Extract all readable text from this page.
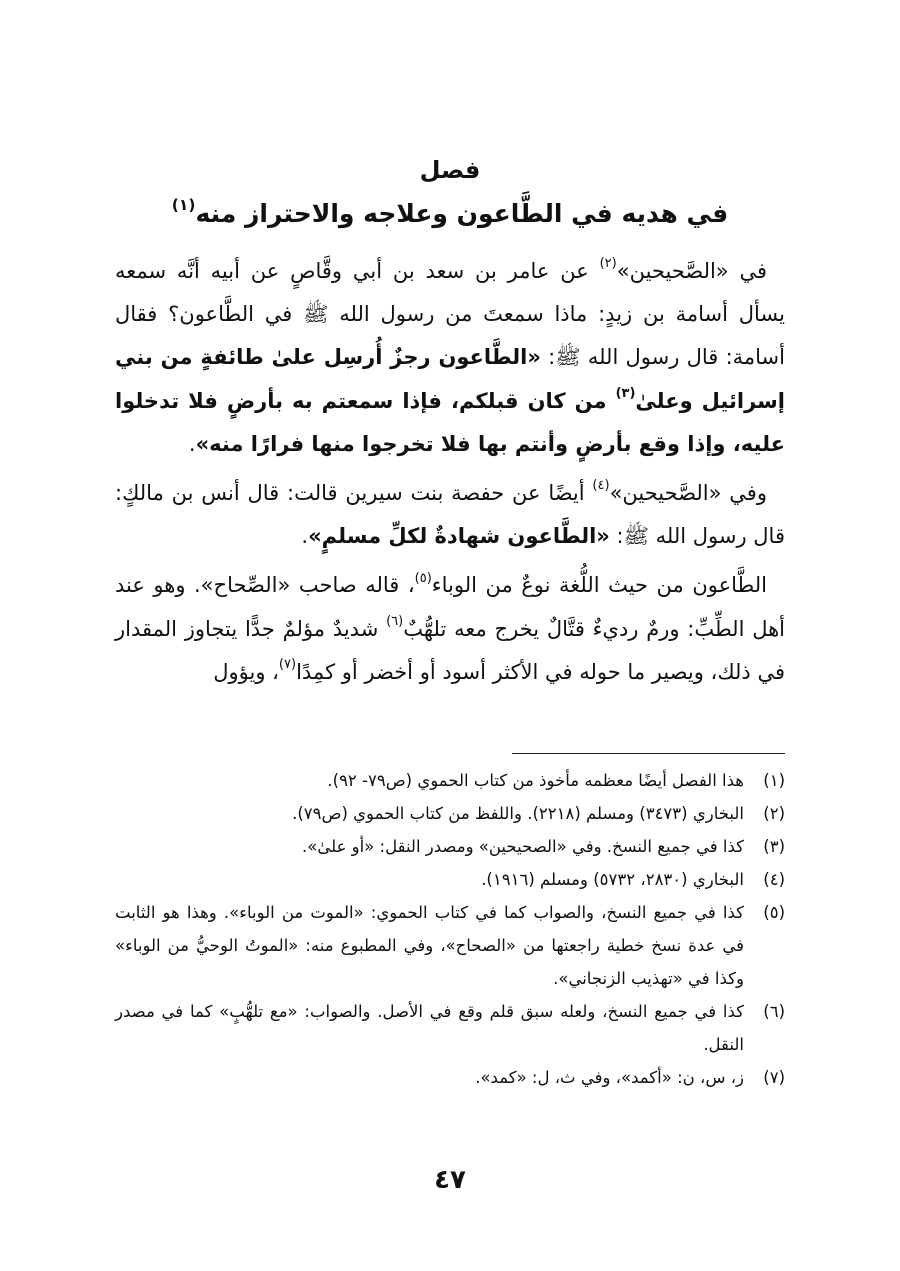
فصل
في هديه في الطَّاعون وعلاجه والاحتراز منه$^{(١)}$

في «الصَّحيحين»$^{(٢)}$ عن عامر بن سعد بن أبي وقَّاصٍ عن أبيه أنَّه سمعه يسأل أسامة بن زيدٍ: ماذا سمعتَ من رسول الله ﷺ في الطَّاعون؟ فقال أسامة: قال رسول الله ﷺ: «الطَّاعون رجزٌ أُرسِل علىٰ طائفةٍ من بني إسرائيل وعلىٰ$^{(٣)}$ من كان قبلكم، فإذا سمعتم به بأرضٍ فلا تدخلوا عليه، وإذا وقع بأرضٍ وأنتم بها فلا تخرجوا منها فرارًا منه».

وفي «الصَّحيحين»$^{(٤)}$ أيضًا عن حفصة بنت سيرين قالت: قال أنس بن مالكٍ: قال رسول الله ﷺ: «الطَّاعون شهادةٌ لكلِّ مسلمٍ».

الطَّاعون من حيث اللُّغة نوعٌ من الوباء$^{(٥)}$، قاله صاحب «الصِّحاح». وهو عند أهل الطِّبِّ: ورمٌ رديءٌ قتَّالٌ يخرج معه تلهُّبٌ$^{(٦)}$ شديدٌ مؤلمٌ جدًّا يتجاوز المقدار في ذلك، ويصير ما حوله في الأكثر أسود أو أخضر أو كمِدًا$^{(٧)}$، ويؤول

(١)
هذا الفصل أيضًا معظمه مأخوذ من كتاب الحموي (ص٧٩- ٩٢).

(٢)
البخاري (٣٤٧٣) ومسلم (٢٢١٨). واللفظ من كتاب الحموي (ص٧٩).

(٣)
كذا في جميع النسخ. وفي «الصحيحين» ومصدر النقل: «أو علىٰ».

(٤)
البخاري (٢٨٣٠، ٥٧٣٢) ومسلم (١٩١٦).

(٥)
كذا في جميع النسخ، والصواب كما في كتاب الحموي: «الموت من الوباء». وهذا هو الثابت في عدة نسخ خطية راجعتها من «الصحاح»، وفي المطبوع منه: «الموتُ الوحيُّ من الوباء» وكذا في «تهذيب الزنجاني».

(٦)
كذا في جميع النسخ، ولعله سبق قلم وقع في الأصل. والصواب: «مع تلهُّبٍ» كما في مصدر النقل.

(٧)
ز، س، ن: «أكمد»، وفي ث، ل: «كمد».

٤٧
